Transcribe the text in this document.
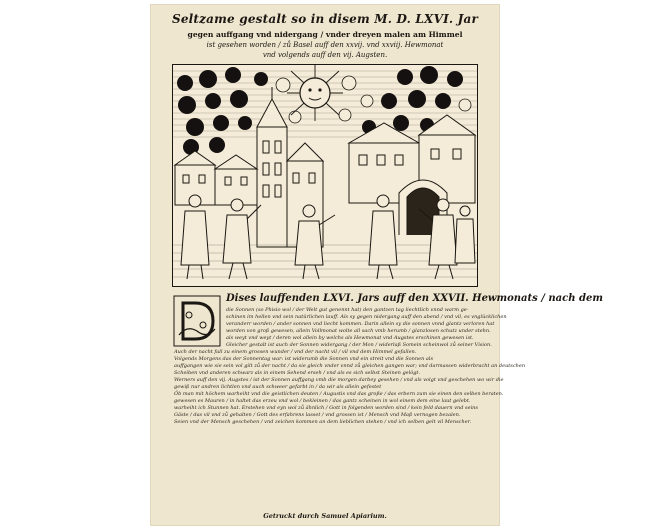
Seltzame gestalt so in disem M. D. LXVI. Jar
gegen auffgang vnd nidergang / vnder dreyen malen am Himmel
ist gesehen worden / zů Basel auff den xxvij. vnd xxviij. Hewmonat
vnd volgends auff den vij. Augsten.
Dises lauffenden LXVI. Jars auff den XXVII. Hewmonats / nach dem
die Sonnen (so Phisio wol / der Welt gut genennt hat) den gantzen tag liechtlich vnnd warm ge-
schinen im hellen vnd sein natürlichen lauff. Als sy gegen nidergang auff den abend / vnd vil, es vnglücklichen
veranderr worden / ander sonnen vnd liecht kommen. Darin allein sy die sonnen vnnd glantz verloren hat
worden von groß gewesen, allein Vollmonat wolte all sach vmb herumb / glanzlosen schutz under stehn.
als weyt vnd weyt / deren wol allein by welchs als Hewmonat vnd Augstes erschinen gewesen ist.
Gleicher gestalt ist auch der Sonnen widergang / der Mon / widerlaß Somein scheinwol zů seiner Vision.
Auch der nacht fall zu einem grossen wunder / vnd der nacht vil / vil vnd dem Himmel gefallen.
Volgends Morgens das der Sonnentag war: ist widerumb die Sonnen vnd ein streit vnd die Sonnen als
auffgangen wie sie sein vol gilt zů der nacht / da sie gleich vnder vnnd zů gleichen gangen war; vnd darmassen widerbracht an deutschen
Scheiben vnd anderen schwarz als in einem Sehend erseh / vnd als es sich selbst Steinen gelögt.
Werners auff den vij. Augstes / ist der Sonnen auffgang vmb die morgen darbey gesehen / vnd als volgt vnd geschehen wo wir die
gewiß nur andren lichtlen vnd auch schweer gefarbt in / da wir als allein gefestet
Öb man mit höchem warheiht vnd die geistlichen deuten / Augustis vnd das große / das erbern zum sie einen den selben beraten.
gewesen es Mauren / in haltet das erzeu vnd wol / bekleinen / das gantz scheinen in wol einem dem eine laut gelebt.
warheiht ich Stunnen hat. Erstehen vnd eyn wol zů ähnlich / Gott in folgenden worden sind / kein feld dauern vnd seins
Gäste / das vil vnd zů gehalten / Gott des erfahrens lasset / vnd grossen ist / Mensch vnd Maß vernogen bezalen.
Seien vnd der Mensch geschehen / vnd zeichen kommen an dem lieblichen stehen / vnd ich selben gelt vil Menscher.
Getruckt durch Samuel Apiarium.
